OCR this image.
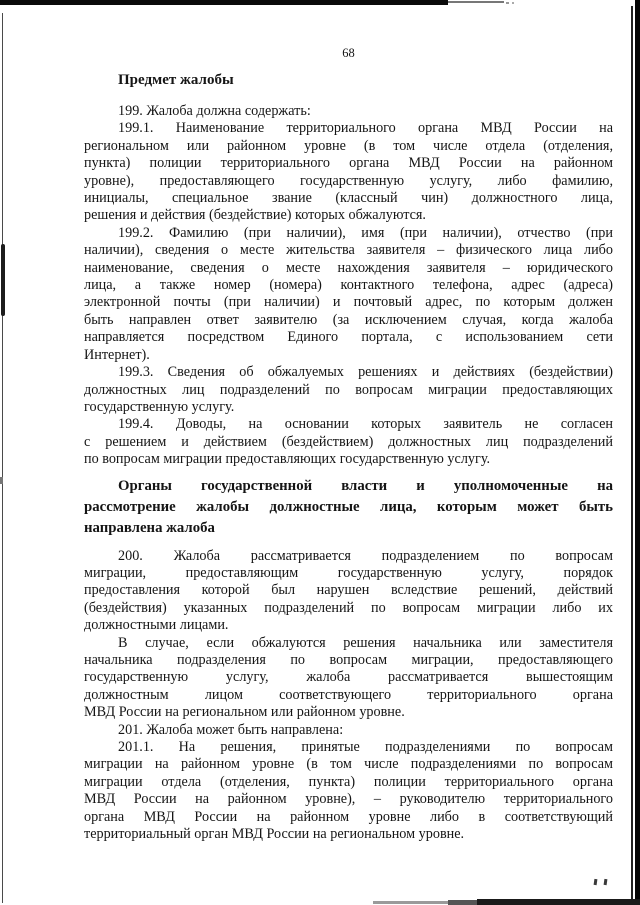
68
Предмет жалобы
199. Жалоба должна содержать:
199.1. Наименование территориального органа МВД России на
региональном или районном уровне (в том числе отдела (отделения,
пункта) полиции территориального органа МВД России на районном
уровне), предоставляющего государственную услугу, либо фамилию,
инициалы, специальное звание (классный чин) должностного лица,
решения и действия (бездействие) которых обжалуются.
199.2. Фамилию (при наличии), имя (при наличии), отчество (при
наличии), сведения о месте жительства заявителя – физического лица либо
наименование, сведения о месте нахождения заявителя – юридического
лица, а также номер (номера) контактного телефона, адрес (адреса)
электронной почты (при наличии) и почтовый адрес, по которым должен
быть направлен ответ заявителю (за исключением случая, когда жалоба
направляется посредством Единого портала, с использованием сети
Интернет).
199.3. Сведения об обжалуемых решениях и действиях (бездействии)
должностных лиц подразделений по вопросам миграции предоставляющих
государственную услугу.
199.4. Доводы, на основании которых заявитель не согласен
с решением и действием (бездействием) должностных лиц подразделений
по вопросам миграции предоставляющих государственную услугу.
Органы государственной власти и уполномоченные на
рассмотрение жалобы должностные лица, которым может быть
направлена жалоба
200. Жалоба рассматривается подразделением по вопросам
миграции, предоставляющим государственную услугу, порядок
предоставления которой был нарушен вследствие решений, действий
(бездействия) указанных подразделений по вопросам миграции либо их
должностными лицами.
В случае, если обжалуются решения начальника или заместителя
начальника подразделения по вопросам миграции, предоставляющего
государственную услугу, жалоба рассматривается вышестоящим
должностным лицом соответствующего территориального органа
МВД России на региональном или районном уровне.
201. Жалоба может быть направлена:
201.1. На решения, принятые подразделениями по вопросам
миграции на районном уровне (в том числе подразделениями по вопросам
миграции отдела (отделения, пункта) полиции территориального органа
МВД России на районном уровне), – руководителю территориального
органа МВД России на районном уровне либо в соответствующий
территориальный орган МВД России на региональном уровне.
